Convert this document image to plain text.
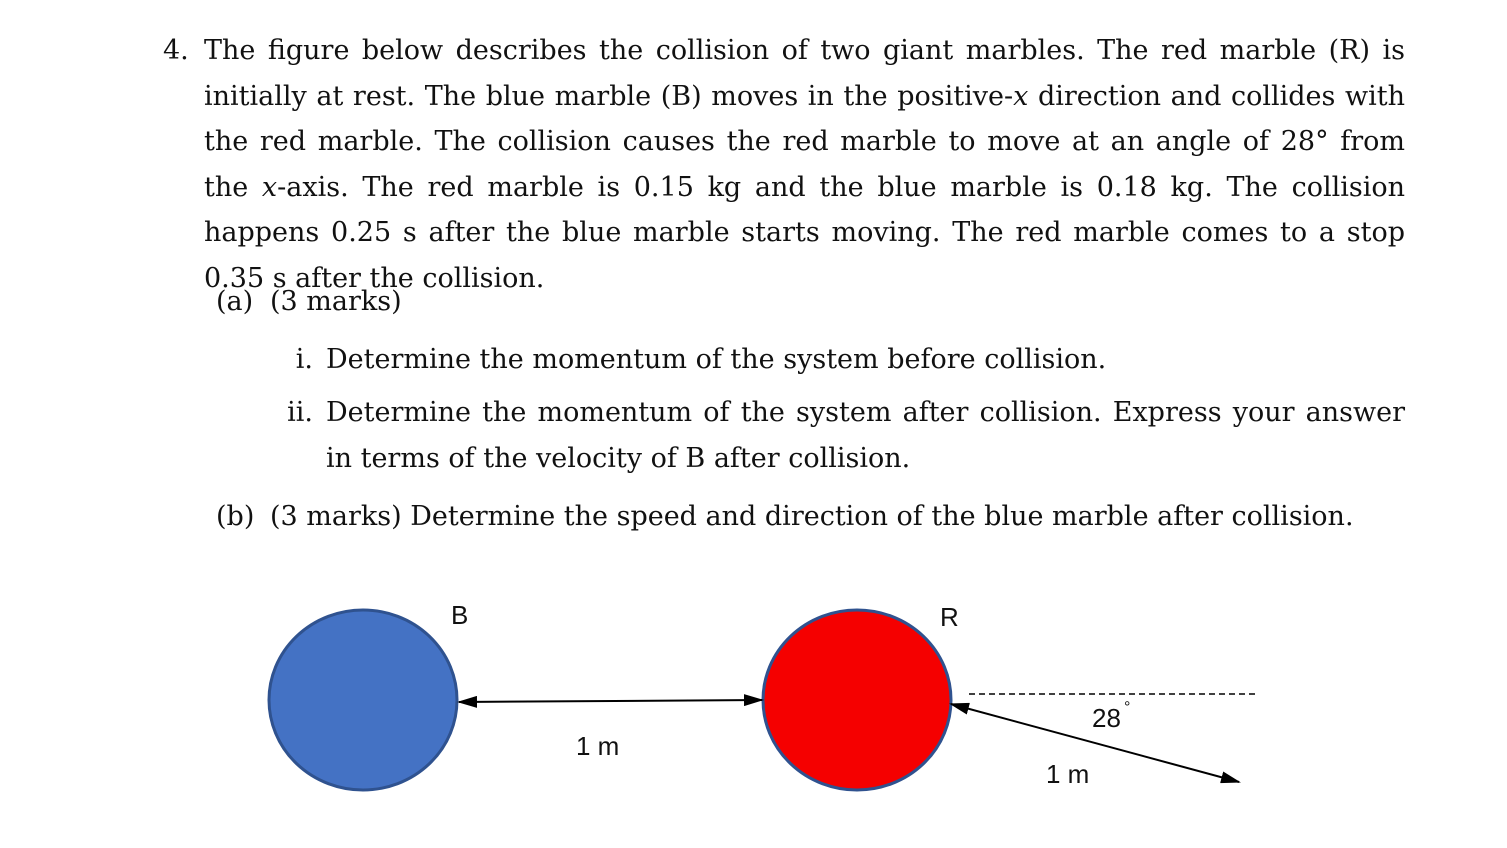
4. The figure below describes the collision of two giant marbles. The red marble (R) is initially at rest. The blue marble (B) moves in the positive-𝑥 direction and collides with the red marble. The collision causes the red marble to move at an angle of 28° from the 𝑥-axis. The red marble is 0.15 kg and the blue marble is 0.18 kg. The collision happens 0.25 s after the blue marble starts moving. The red marble comes to a stop 0.35 s after the collision.
(a) (3 marks)
i. Determine the momentum of the system before collision.
ii. Determine the momentum of the system after collision. Express your answer in terms of the velocity of B after collision.
(b) (3 marks) Determine the speed and direction of the blue marble after collision.
B	R
1 m
1 m
28 °
